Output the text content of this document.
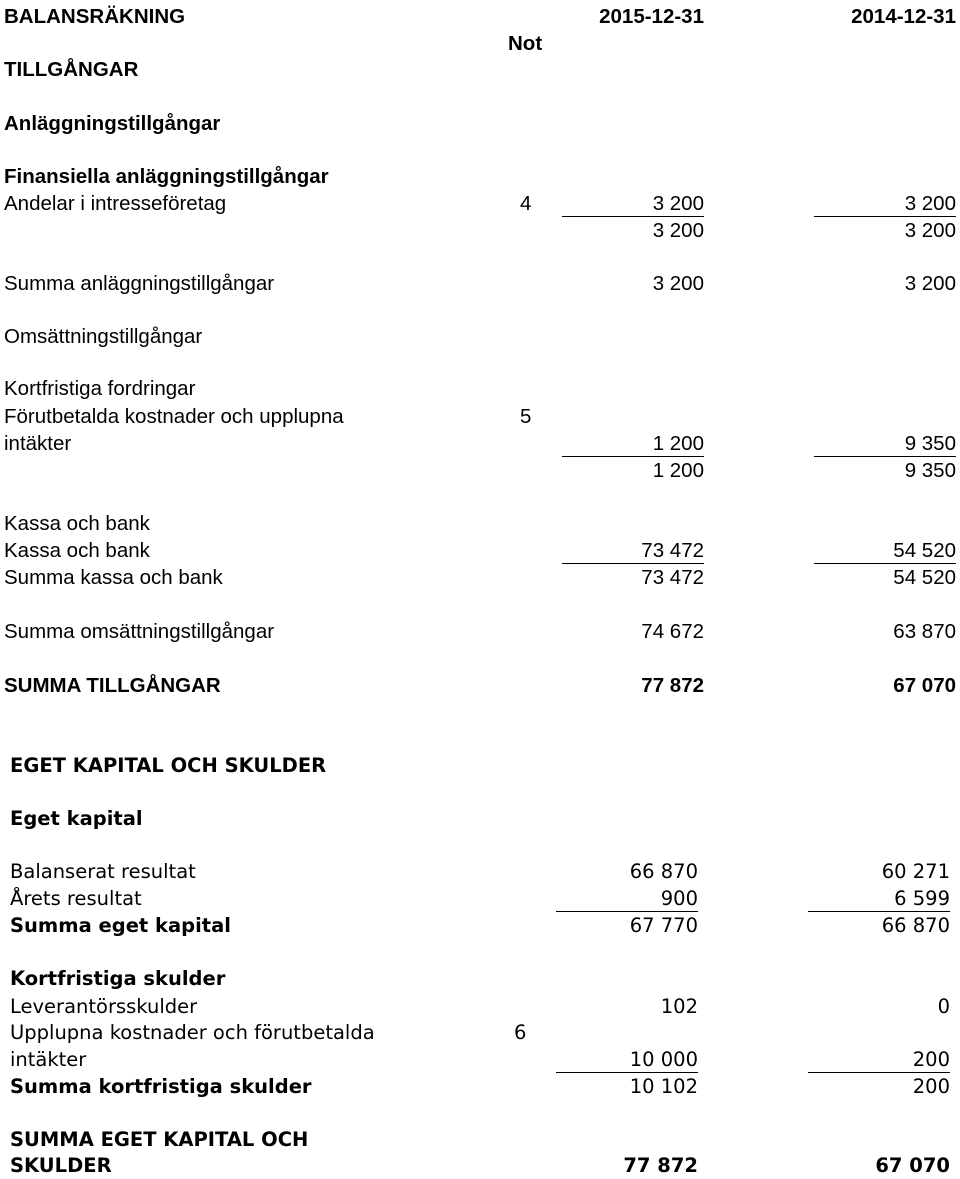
BALANSRÄKNING	2015-12-31	2014-12-31
Not
TILLGÅNGAR
Anläggningstillgångar
Finansiella anläggningstillgångar
Andelar i intresseföretag	4	3 200	3 200
3 200	3 200
Summa anläggningstillgångar	3 200	3 200
Omsättningstillgångar
Kortfristiga fordringar
Förutbetalda kostnader och upplupna	5
intäkter	1 200	9 350
1 200	9 350
Kassa och bank
Kassa och bank	73 472	54 520
Summa kassa och bank	73 472	54 520
Summa omsättningstillgångar	74 672	63 870
SUMMA TILLGÅNGAR	77 872	67 070
EGET KAPITAL OCH SKULDER
Eget kapital
Balanserat resultat	66 870	60 271
Årets resultat	900	6 599
Summa eget kapital	67 770	66 870
Kortfristiga skulder
Leverantörsskulder	102	0
Upplupna kostnader och förutbetalda	6
intäkter	10 000	200
Summa kortfristiga skulder	10 102	200
SUMMA EGET KAPITAL OCH
SKULDER	77 872	67 070
